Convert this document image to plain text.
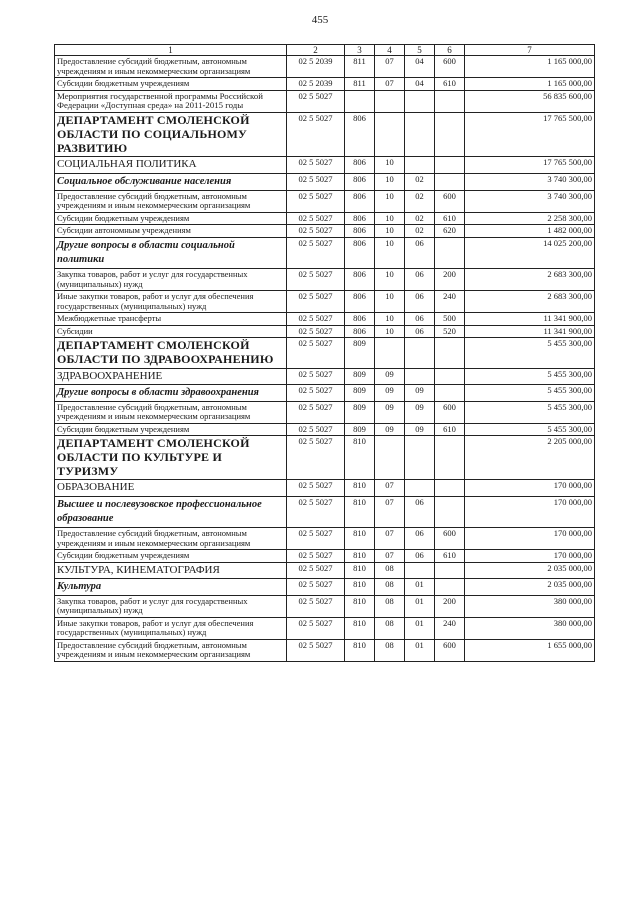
455
1	2	3	4	5	6	7
Предоставление субсидий бюджетным, автономным учреждениям и иным некоммерческим организациям	02 5 2039	811	07	04	600	1 165 000,00
Субсидии бюджетным учреждениям	02 5 2039	811	07	04	610	1 165 000,00
Мероприятия государственной программы Российской Федерации «Доступная среда» на 2011-2015 годы	02 5 5027					56 835 600,00
ДЕПАРТАМЕНТ СМОЛЕНСКОЙ ОБЛАСТИ ПО СОЦИАЛЬНОМУ РАЗВИТИЮ	02 5 5027	806				17 765 500,00
СОЦИАЛЬНАЯ ПОЛИТИКА	02 5 5027	806	10			17 765 500,00
Социальное обслуживание населения	02 5 5027	806	10	02		3 740 300,00
Предоставление субсидий бюджетным, автономным учреждениям и иным некоммерческим организациям	02 5 5027	806	10	02	600	3 740 300,00
Субсидии бюджетным учреждениям	02 5 5027	806	10	02	610	2 258 300,00
Субсидии автономным учреждениям	02 5 5027	806	10	02	620	1 482 000,00
Другие вопросы в области социальной политики	02 5 5027	806	10	06		14 025 200,00
Закупка товаров, работ и услуг для государственных (муниципальных) нужд	02 5 5027	806	10	06	200	2 683 300,00
Иные закупки товаров, работ и услуг для обеспечения государственных (муниципальных) нужд	02 5 5027	806	10	06	240	2 683 300,00
Межбюджетные трансферты	02 5 5027	806	10	06	500	11 341 900,00
Субсидии	02 5 5027	806	10	06	520	11 341 900,00
ДЕПАРТАМЕНТ СМОЛЕНСКОЙ ОБЛАСТИ ПО ЗДРАВООХРАНЕНИЮ	02 5 5027	809				5 455 300,00
ЗДРАВООХРАНЕНИЕ	02 5 5027	809	09			5 455 300,00
Другие вопросы в области здравоохранения	02 5 5027	809	09	09		5 455 300,00
Предоставление субсидий бюджетным, автономным учреждениям и иным некоммерческим организациям	02 5 5027	809	09	09	600	5 455 300,00
Субсидии бюджетным учреждениям	02 5 5027	809	09	09	610	5 455 300,00
ДЕПАРТАМЕНТ СМОЛЕНСКОЙ ОБЛАСТИ ПО КУЛЬТУРЕ И ТУРИЗМУ	02 5 5027	810				2 205 000,00
ОБРАЗОВАНИЕ	02 5 5027	810	07			170 000,00
Высшее и послевузовское профессиональное образование	02 5 5027	810	07	06		170 000,00
Предоставление субсидий бюджетным, автономным учреждениям и иным некоммерческим организациям	02 5 5027	810	07	06	600	170 000,00
Субсидии бюджетным учреждениям	02 5 5027	810	07	06	610	170 000,00
КУЛЬТУРА, КИНЕМАТОГРАФИЯ	02 5 5027	810	08			2 035 000,00
Культура	02 5 5027	810	08	01		2 035 000,00
Закупка товаров, работ и услуг для государственных (муниципальных) нужд	02 5 5027	810	08	01	200	380 000,00
Иные закупки товаров, работ и услуг для обеспечения государственных (муниципальных) нужд	02 5 5027	810	08	01	240	380 000,00
Предоставление субсидий бюджетным, автономным учреждениям и иным некоммерческим организациям	02 5 5027	810	08	01	600	1 655 000,00
